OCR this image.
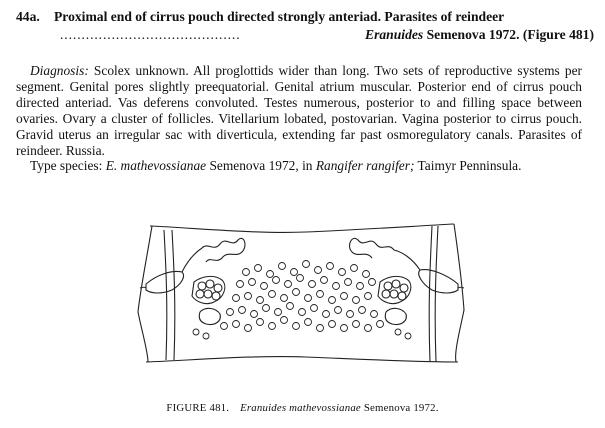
44a. Proximal end of cirrus pouch directed strongly anteriad. Parasites of reindeer
..........................................	Eranuides Semenova 1972. (Figure 481)

Diagnosis: Scolex unknown. All proglottids wider than long. Two sets of reproductive systems per segment. Genital pores slightly preequatorial. Genital atrium muscular. Posterior end of cirrus pouch directed anteriad. Vas deferens convoluted. Testes numerous, posterior to and filling space between ovaries. Ovary a cluster of follicles. Vitellarium lobated, postovarian. Vagina posterior to cirrus pouch. Gravid uterus an irregular sac with diverticula, extending far past osmoregulatory canals. Parasites of reindeer. Russia.

Type species: E. mathevossianae Semenova 1972, in Rangifer rangifer; Taimyr Penninsula.

FIGURE 481. Eranuides mathevossianae Semenova 1972.
